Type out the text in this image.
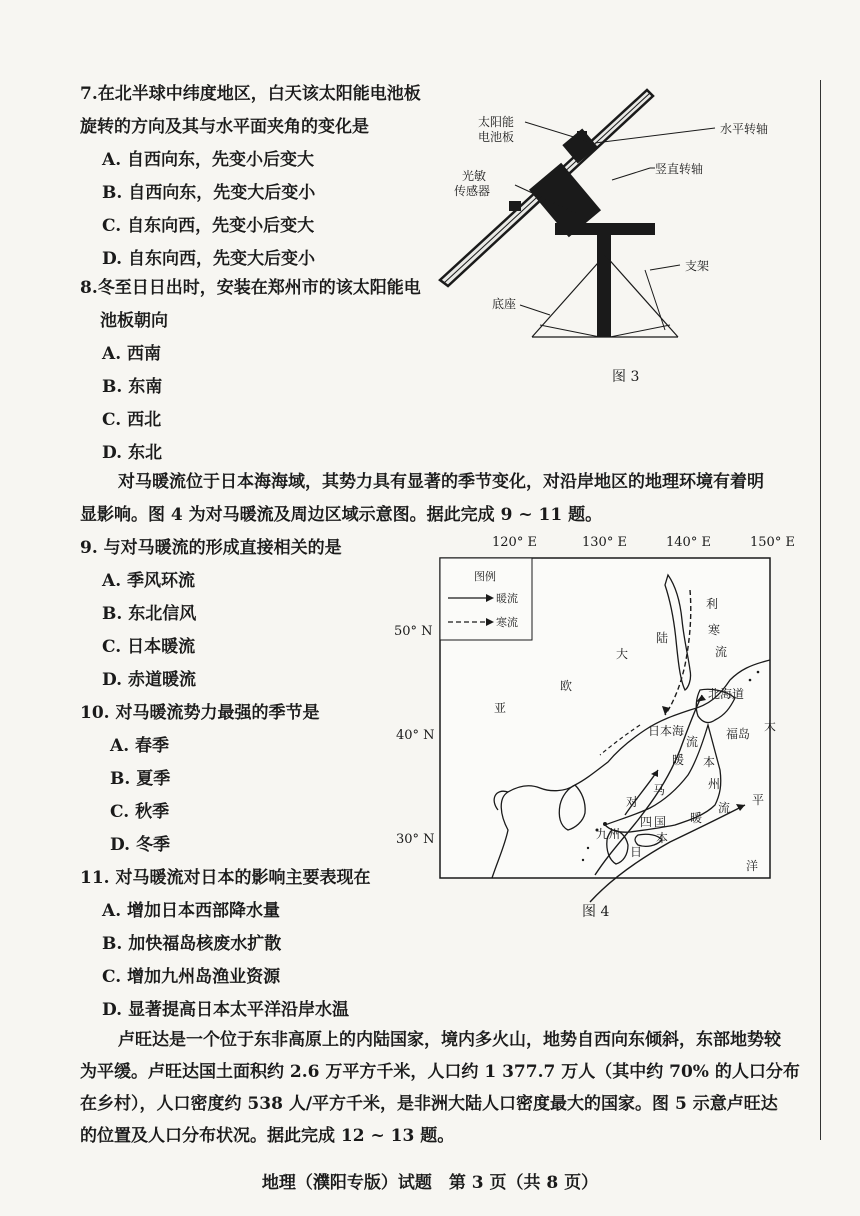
7.在北半球中纬度地区，白天该太阳能电池板
旋转的方向及其与水平面夹角的变化是
A. 自西向东，先变小后变大
B. 自西向东，先变大后变小
C. 自东向西，先变小后变大
D. 自东向西，先变大后变小
8.冬至日日出时，安装在郑州市的该太阳能电
池板朝向
A. 西南
B. 东南
C. 西北
D. 东北
太阳能
电池板
光敏
传感器
水平转轴
竖直转轴
支架
底座
图 3
对马暖流位于日本海海域，其势力具有显著的季节变化，对沿岸地区的地理环境有着明
显影响。图 4 为对马暖流及周边区域示意图。据此完成 9 ~ 11 题。
9. 与对马暖流的形成直接相关的是
A. 季风环流
B. 东北信风
C. 日本暖流
D. 赤道暖流
10. 对马暖流势力最强的季节是
A. 春季
B. 夏季
C. 秋季
D. 冬季
11. 对马暖流对日本的影响主要表现在
A. 增加日本西部降水量
B. 加快福岛核废水扩散
C. 增加九州岛渔业资源
D. 显著提高日本太平洋沿岸水温
120° E	130° E	140° E	150° E
50° N
40° N
30° N
图例
暖流
寒流
陆
大
欧
亚
利
寒
流
北海道
日本海	福岛
太
平
洋
对
马
暖
流
本
州
四 国
九州
日
本
暖
流
图 4
卢旺达是一个位于东非高原上的内陆国家，境内多火山，地势自西向东倾斜，东部地势较
为平缓。卢旺达国土面积约 2.6 万平方千米，人口约 1 377.7 万人（其中约 70% 的人口分布
在乡村），人口密度约 538 人/平方千米，是非洲大陆人口密度最大的国家。图 5 示意卢旺达
的位置及人口分布状况。据此完成 12 ~ 13 题。
地理（濮阳专版）试题　第 3 页（共 8 页）
